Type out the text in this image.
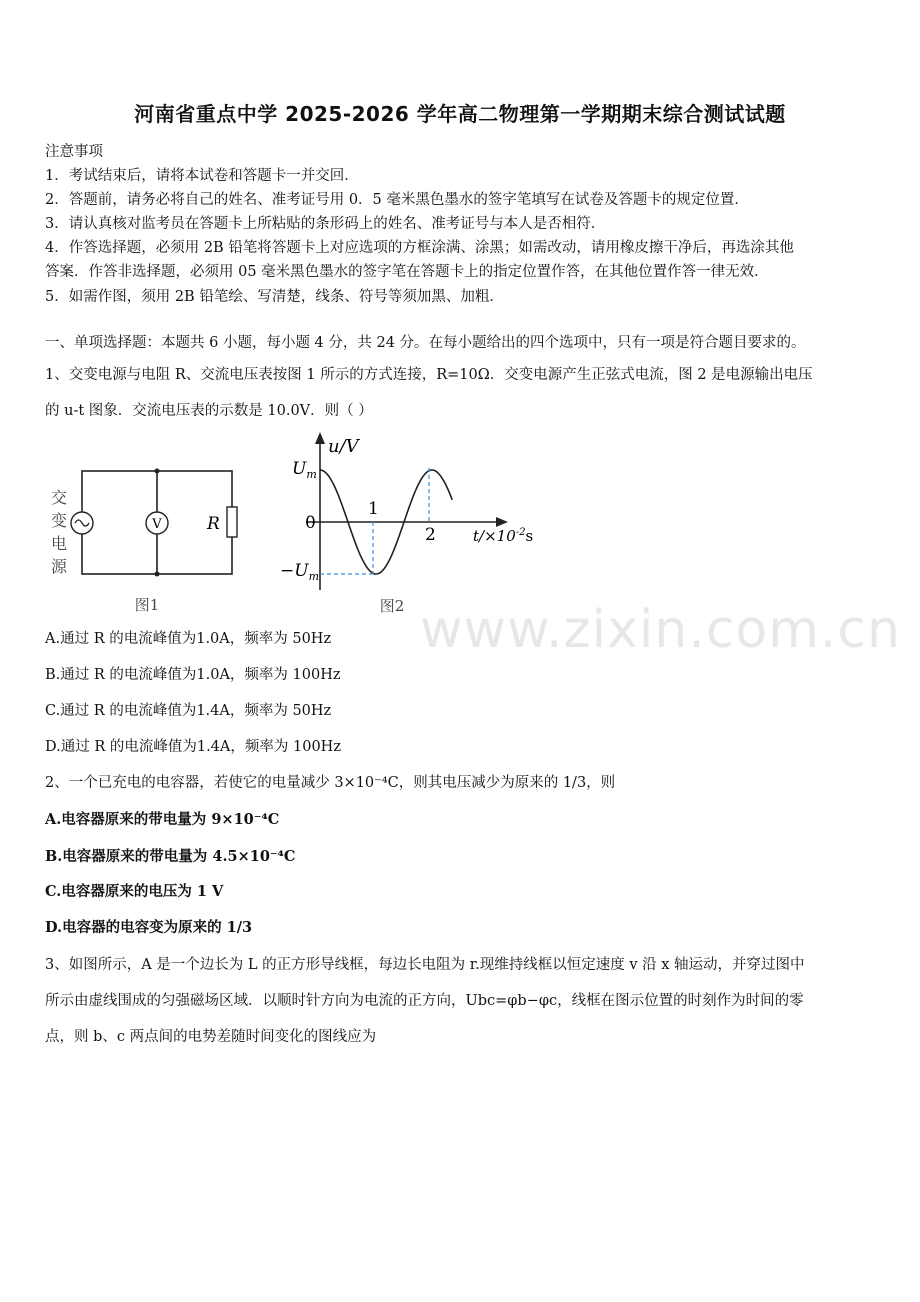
河南省重点中学 2025-2026 学年高二物理第一学期期末综合测试试题
注意事项
1．考试结束后，请将本试卷和答题卡一并交回．
2．答题前，请务必将自己的姓名、准考证号用 0．5 毫米黑色墨水的签字笔填写在试卷及答题卡的规定位置．
3．请认真核对监考员在答题卡上所粘贴的条形码上的姓名、准考证号与本人是否相符．
4．作答选择题，必须用 2B 铅笔将答题卡上对应选项的方框涂满、涂黑；如需改动，请用橡皮擦干净后，再选涂其他
答案．作答非选择题，必须用 05 毫米黑色墨水的签字笔在答题卡上的指定位置作答，在其他位置作答一律无效．
5．如需作图，须用 2B 铅笔绘、写清楚，线条、符号等须加黑、加粗．
一、单项选择题：本题共 6 小题，每小题 4 分，共 24 分。在每小题给出的四个选项中，只有一项是符合题目要求的。
1、交变电源与电阻 R、交流电压表按图 1 所示的方式连接，R=10Ω．交变电源产生正弦式电流，图 2 是电源输出电压
的 u-t 图象．交流电压表的示数是 10.0V．则（ ）
V	R
交
变
电
源
图1
u/V
$U_m$
$-U_m$
0
1
2 $t/\times 10^{-2}s$
图2
A.通过 R 的电流峰值为1.0A，频率为 50Hz
B.通过 R 的电流峰值为1.0A，频率为 100Hz
C.通过 R 的电流峰值为1.4A，频率为 50Hz
D.通过 R 的电流峰值为1.4A，频率为 100Hz
2、一个已充电的电容器，若使它的电量减少 3×10⁻⁴C，则其电压减少为原来的 1/3，则
A.电容器原来的带电量为 9×10⁻⁴C
B.电容器原来的带电量为 4.5×10⁻⁴C
C.电容器原来的电压为 1 V
D.电容器的电容变为原来的 1/3
3、如图所示，A 是一个边长为 L 的正方形导线框，每边长电阻为 r.现维持线框以恒定速度 v 沿 x 轴运动，并穿过图中
所示由虚线围成的匀强磁场区域．以顺时针方向为电流的正方向，Ubc=φb−φc，线框在图示位置的时刻作为时间的零
点，则 b、c 两点间的电势差随时间变化的图线应为
www.zixin.com.cn
